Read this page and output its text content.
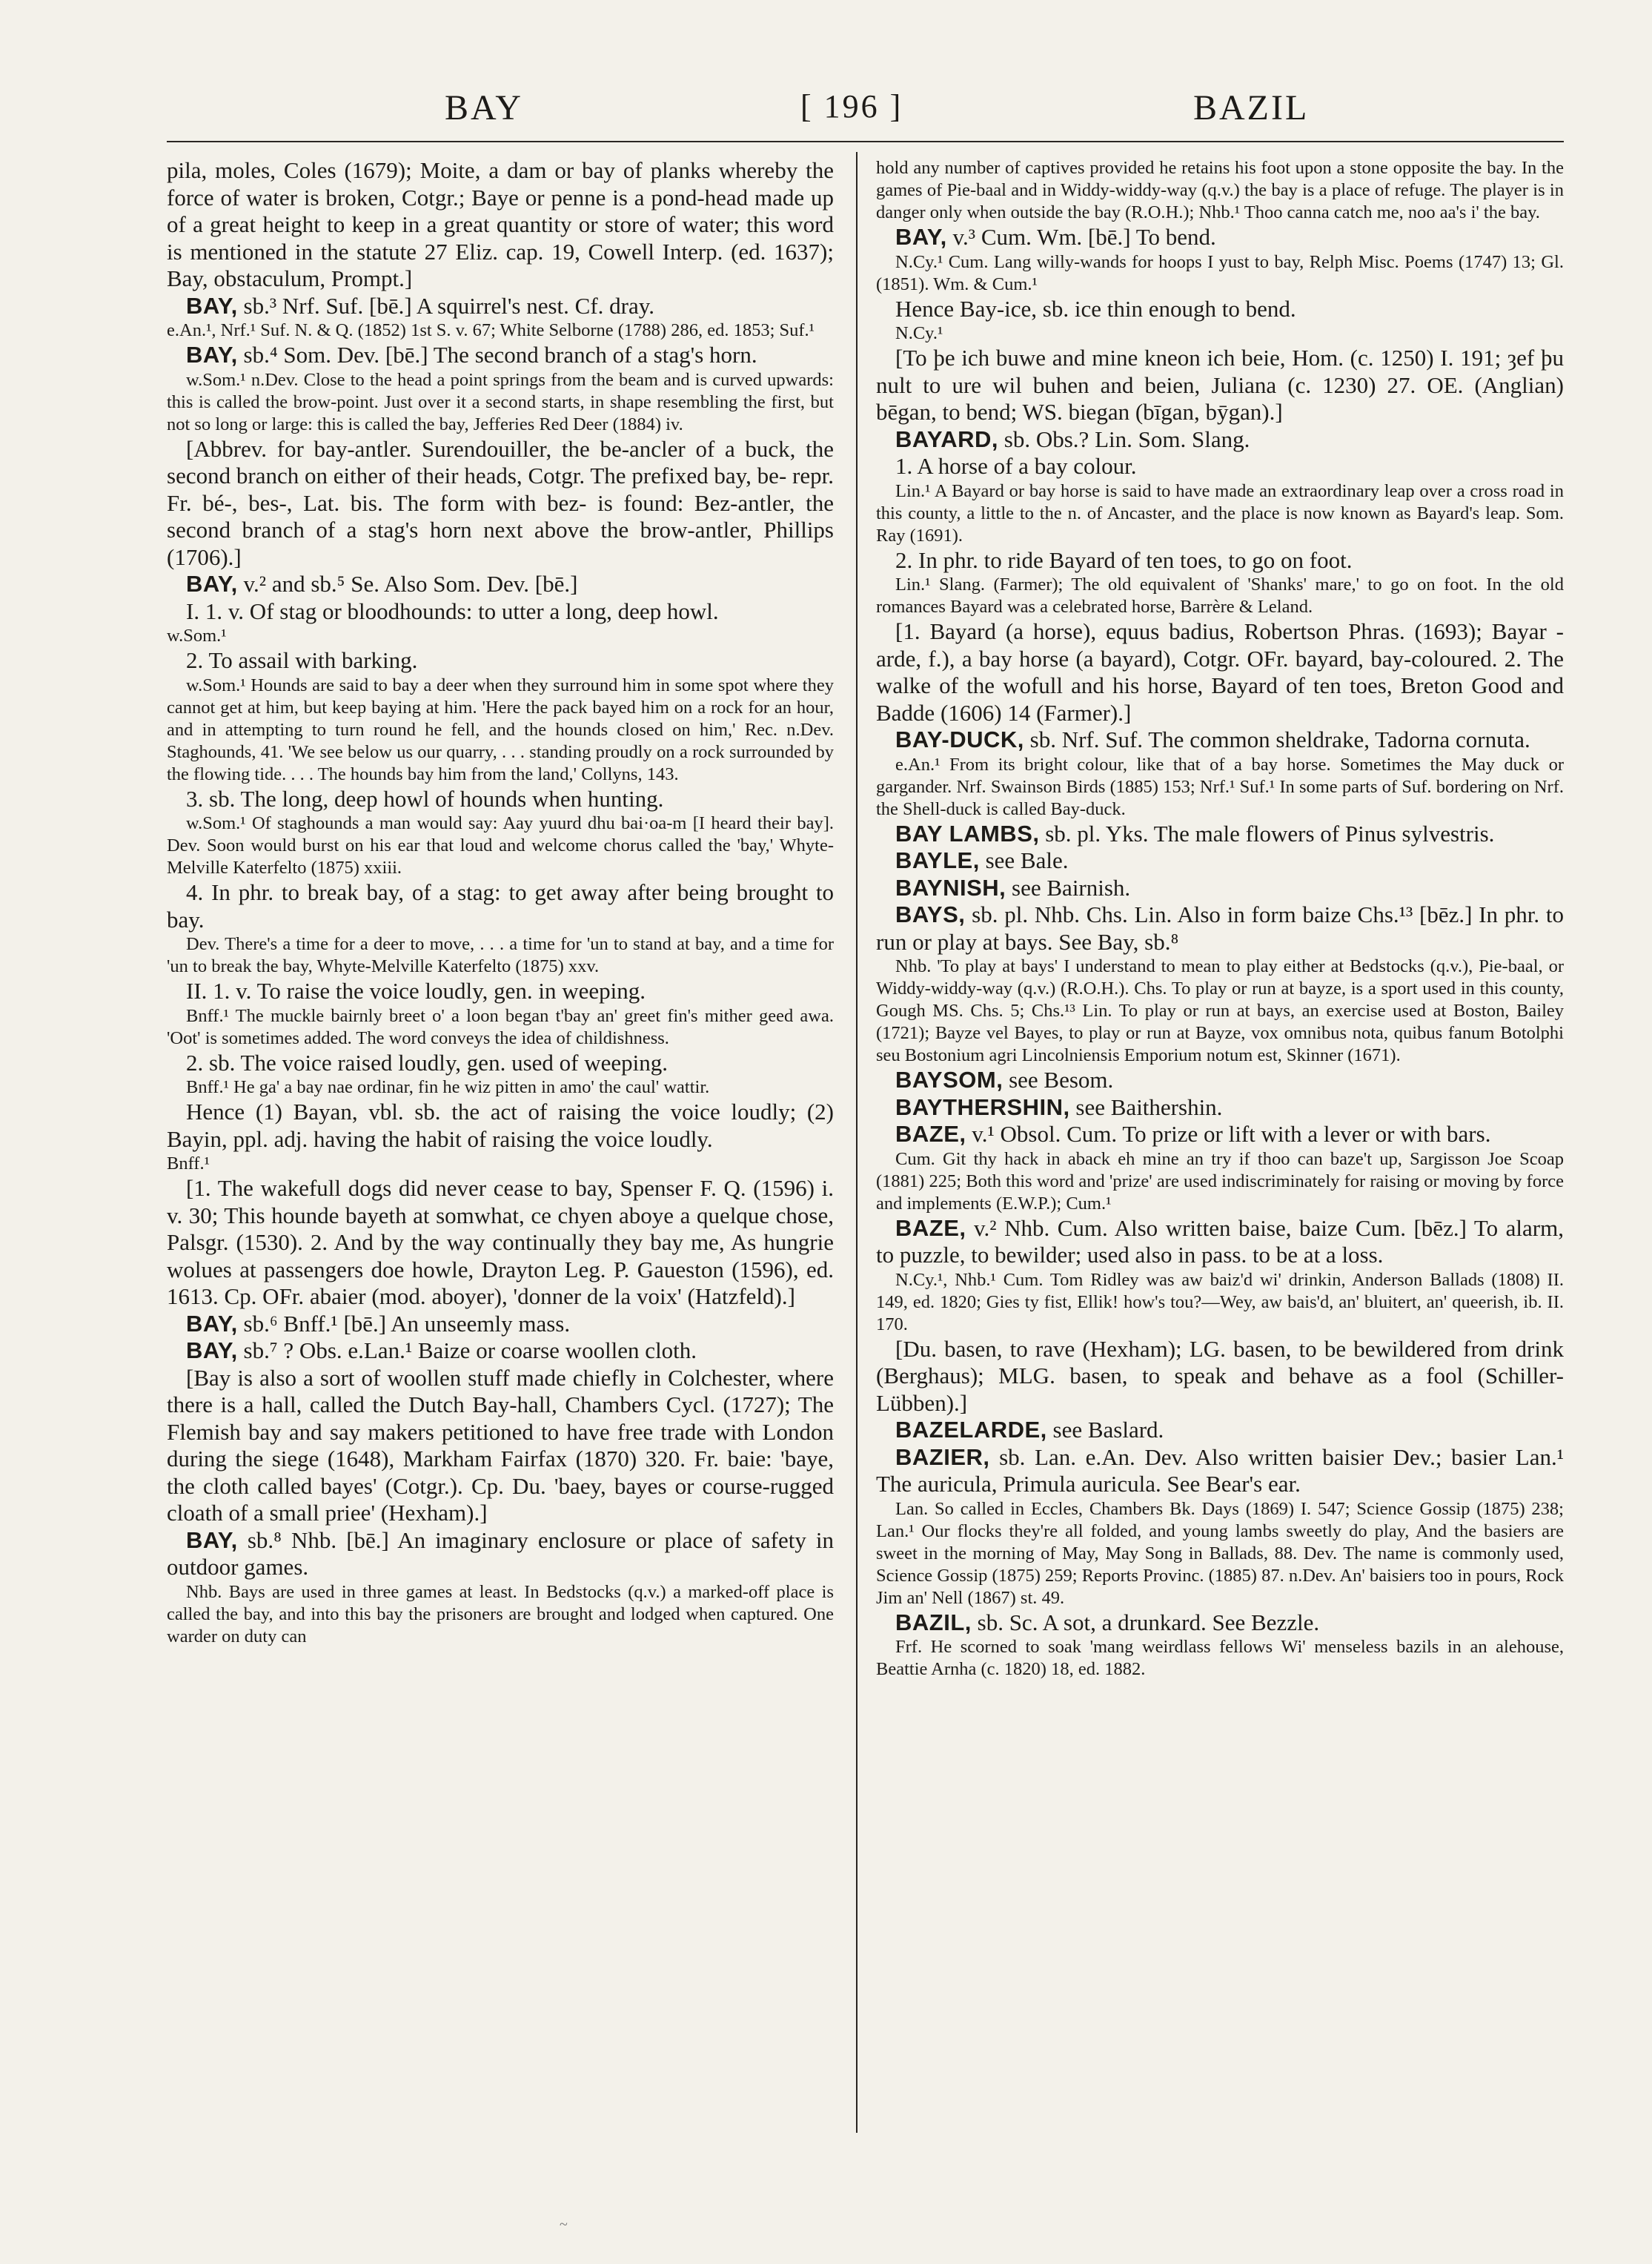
BAY	[ 196 ]	BAZIL

pila, moles, Coles (1679); Moite, a dam or bay of planks whereby the force of water is broken, Cotgr.; Baye or penne is a pond-head made up of a great height to keep in a great quantity or store of water; this word is mentioned in the statute 27 Eliz. cap. 19, Cowell Interp. (ed. 1637); Bay, obstaculum, Prompt.]

BAY, sb.³ Nrf. Suf. [bē.] A squirrel's nest. Cf. dray.

e.An.¹, Nrf.¹ Suf. N. & Q. (1852) 1st S. v. 67; White Selborne (1788) 286, ed. 1853; Suf.¹

BAY, sb.⁴ Som. Dev. [bē.] The second branch of a stag's horn.

w.Som.¹ n.Dev. Close to the head a point springs from the beam and is curved upwards: this is called the brow-point. Just over it a second starts, in shape resembling the first, but not so long or large: this is called the bay, Jefferies Red Deer (1884) iv.

[Abbrev. for bay-antler. Surendouiller, the be-ancler of a buck, the second branch on either of their heads, Cotgr. The prefixed bay, be- repr. Fr. bé-, bes-, Lat. bis. The form with bez- is found: Bez-antler, the second branch of a stag's horn next above the brow-antler, Phillips (1706).]

BAY, v.² and sb.⁵ Se. Also Som. Dev. [bē.]

I. 1. v. Of stag or bloodhounds: to utter a long, deep howl.

w.Som.¹

2. To assail with barking.

w.Som.¹ Hounds are said to bay a deer when they surround him in some spot where they cannot get at him, but keep baying at him. 'Here the pack bayed him on a rock for an hour, and in attempting to turn round he fell, and the hounds closed on him,' Rec. n.Dev. Staghounds, 41. 'We see below us our quarry, . . . standing proudly on a rock surrounded by the flowing tide. . . . The hounds bay him from the land,' Collyns, 143.

3. sb. The long, deep howl of hounds when hunting.

w.Som.¹ Of staghounds a man would say: Aay yuurd dhu bai·oa-m [I heard their bay]. Dev. Soon would burst on his ear that loud and welcome chorus called the 'bay,' Whyte-Melville Katerfelto (1875) xxiii.

4. In phr. to break bay, of a stag: to get away after being brought to bay.

Dev. There's a time for a deer to move, . . . a time for 'un to stand at bay, and a time for 'un to break the bay, Whyte-Melville Katerfelto (1875) xxv.

II. 1. v. To raise the voice loudly, gen. in weeping.

Bnff.¹ The muckle bairnly breet o' a loon began t'bay an' greet fin's mither geed awa. 'Oot' is sometimes added. The word conveys the idea of childishness.

2. sb. The voice raised loudly, gen. used of weeping.

Bnff.¹ He ga' a bay nae ordinar, fin he wiz pitten in amo' the caul' wattir.

Hence (1) Bayan, vbl. sb. the act of raising the voice loudly; (2) Bayin, ppl. adj. having the habit of raising the voice loudly.

Bnff.¹

[1. The wakefull dogs did never cease to bay, Spenser F. Q. (1596) i. v. 30; This hounde bayeth at somwhat, ce chyen aboye a quelque chose, Palsgr. (1530). 2. And by the way continually they bay me, As hungrie wolues at passengers doe howle, Drayton Leg. P. Gaueston (1596), ed. 1613. Cp. OFr. abaier (mod. aboyer), 'donner de la voix' (Hatzfeld).]

BAY, sb.⁶ Bnff.¹ [bē.] An unseemly mass.

BAY, sb.⁷ ? Obs. e.Lan.¹ Baize or coarse woollen cloth.

[Bay is also a sort of woollen stuff made chiefly in Colchester, where there is a hall, called the Dutch Bay-hall, Chambers Cycl. (1727); The Flemish bay and say makers petitioned to have free trade with London during the siege (1648), Markham Fairfax (1870) 320. Fr. baie: 'baye, the cloth called bayes' (Cotgr.). Cp. Du. 'baey, bayes or course-rugged cloath of a small priee' (Hexham).]

BAY, sb.⁸ Nhb. [bē.] An imaginary enclosure or place of safety in outdoor games.

Nhb. Bays are used in three games at least. In Bedstocks (q.v.) a marked-off place is called the bay, and into this bay the prisoners are brought and lodged when captured. One warder on duty can

hold any number of captives provided he retains his foot upon a stone opposite the bay. In the games of Pie-baal and in Widdy-widdy-way (q.v.) the bay is a place of refuge. The player is in danger only when outside the bay (R.O.H.); Nhb.¹ Thoo canna catch me, noo aa's i' the bay.

BAY, v.³ Cum. Wm. [bē.] To bend.

N.Cy.¹ Cum. Lang willy-wands for hoops I yust to bay, Relph Misc. Poems (1747) 13; Gl. (1851). Wm. & Cum.¹

Hence Bay-ice, sb. ice thin enough to bend.

N.Cy.¹

[To þe ich buwe and mine kneon ich beie, Hom. (c. 1250) I. 191; ȝef þu nult to ure wil buhen and beien, Juliana (c. 1230) 27. OE. (Anglian) bēgan, to bend; WS. biegan (bīgan, bȳgan).]

BAYARD, sb. Obs.? Lin. Som. Slang.

1. A horse of a bay colour.

Lin.¹ A Bayard or bay horse is said to have made an extraordinary leap over a cross road in this county, a little to the n. of Ancaster, and the place is now known as Bayard's leap. Som. Ray (1691).

2. In phr. to ride Bayard of ten toes, to go on foot.

Lin.¹ Slang. (Farmer); The old equivalent of 'Shanks' mare,' to go on foot. In the old romances Bayard was a celebrated horse, Barrère & Leland.

[1. Bayard (a horse), equus badius, Robertson Phras. (1693); Bayar -arde, f.), a bay horse (a bayard), Cotgr. OFr. bayard, bay-coloured. 2. The walke of the wofull and his horse, Bayard of ten toes, Breton Good and Badde (1606) 14 (Farmer).]

BAY-DUCK, sb. Nrf. Suf. The common sheldrake, Tadorna cornuta.

e.An.¹ From its bright colour, like that of a bay horse. Sometimes the May duck or gargander. Nrf. Swainson Birds (1885) 153; Nrf.¹ Suf.¹ In some parts of Suf. bordering on Nrf. the Shell-duck is called Bay-duck.

BAY LAMBS, sb. pl. Yks. The male flowers of Pinus sylvestris.

BAYLE, see Bale.

BAYNISH, see Bairnish.

BAYS, sb. pl. Nhb. Chs. Lin. Also in form baize Chs.¹³ [bēz.] In phr. to run or play at bays. See Bay, sb.⁸

Nhb. 'To play at bays' I understand to mean to play either at Bedstocks (q.v.), Pie-baal, or Widdy-widdy-way (q.v.) (R.O.H.). Chs. To play or run at bayze, is a sport used in this county, Gough MS. Chs. 5; Chs.¹³ Lin. To play or run at bays, an exercise used at Boston, Bailey (1721); Bayze vel Bayes, to play or run at Bayze, vox omnibus nota, quibus fanum Botolphi seu Bostonium agri Lincolniensis Emporium notum est, Skinner (1671).

BAYSOM, see Besom.

BAYTHERSHIN, see Baithershin.

BAZE, v.¹ Obsol. Cum. To prize or lift with a lever or with bars.

Cum. Git thy hack in aback eh mine an try if thoo can baze't up, Sargisson Joe Scoap (1881) 225; Both this word and 'prize' are used indiscriminately for raising or moving by force and implements (E.W.P.); Cum.¹

BAZE, v.² Nhb. Cum. Also written baise, baize Cum. [bēz.] To alarm, to puzzle, to bewilder; used also in pass. to be at a loss.

N.Cy.¹, Nhb.¹ Cum. Tom Ridley was aw baiz'd wi' drinkin, Anderson Ballads (1808) II. 149, ed. 1820; Gies ty fist, Ellik! how's tou?—Wey, aw bais'd, an' bluitert, an' queerish, ib. II. 170.

[Du. basen, to rave (Hexham); LG. basen, to be bewildered from drink (Berghaus); MLG. basen, to speak and behave as a fool (Schiller-Lübben).]

BAZELARDE, see Baslard.

BAZIER, sb. Lan. e.An. Dev. Also written baisier Dev.; basier Lan.¹ The auricula, Primula auricula. See Bear's ear.

Lan. So called in Eccles, Chambers Bk. Days (1869) I. 547; Science Gossip (1875) 238; Lan.¹ Our flocks they're all folded, and young lambs sweetly do play, And the basiers are sweet in the morning of May, May Song in Ballads, 88. Dev. The name is commonly used, Science Gossip (1875) 259; Reports Provinc. (1885) 87. n.Dev. An' baisiers too in pours, Rock Jim an' Nell (1867) st. 49.

BAZIL, sb. Sc. A sot, a drunkard. See Bezzle.

Frf. He scorned to soak 'mang weirdlass fellows Wi' menseless bazils in an alehouse, Beattie Arnha (c. 1820) 18, ed. 1882.

~
